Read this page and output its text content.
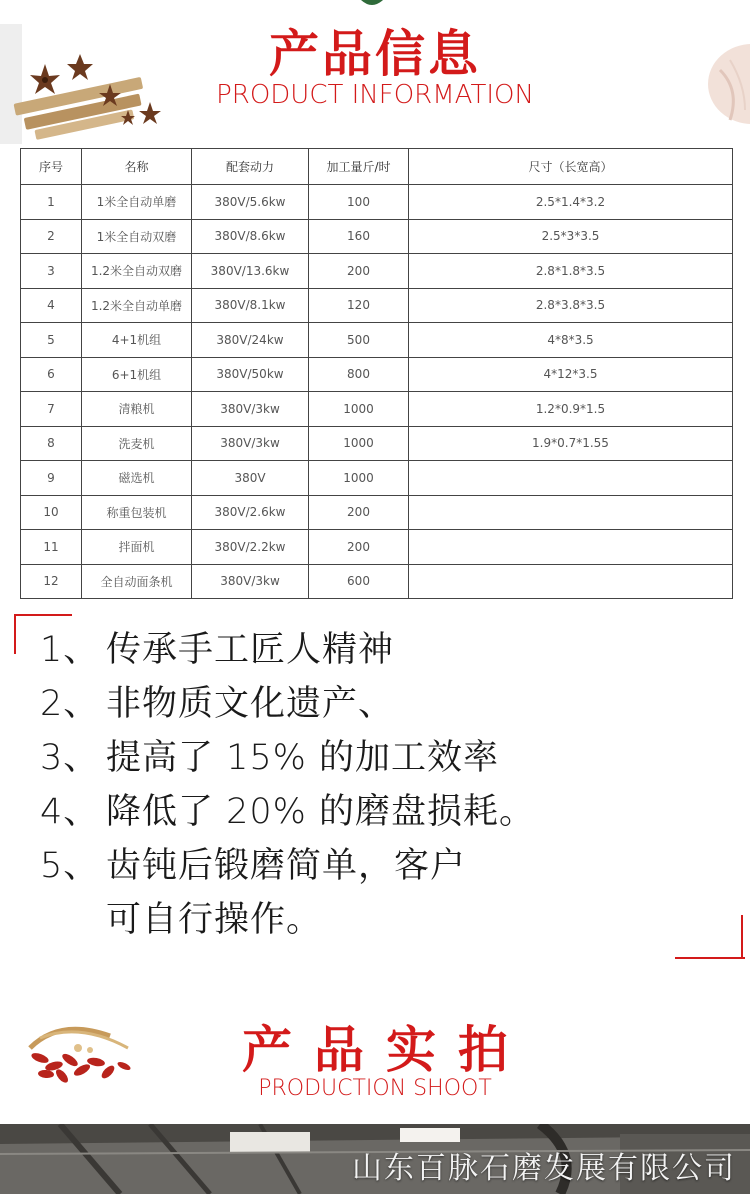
产品信息
PRODUCT INFORMATION
序号	名称	配套动力	加工量斤/时	尺寸（长宽高）
1	1米全自动单磨	380V/5.6kw	100	2.5*1.4*3.2
2	1米全自动双磨	380V/8.6kw	160	2.5*3*3.5
3	1.2米全自动双磨	380V/13.6kw	200	2.8*1.8*3.5
4	1.2米全自动单磨	380V/8.1kw	120	2.8*3.8*3.5
5	4+1机组	380V/24kw	500	4*8*3.5
6	6+1机组	380V/50kw	800	4*12*3.5
7	清粮机	380V/3kw	1000	1.2*0.9*1.5
8	洗麦机	380V/3kw	1000	1.9*0.7*1.55
9	磁选机	380V	1000	
10	称重包装机	380V/2.6kw	200	
11	拌面机	380V/2.2kw	200	
12	全自动面条机	380V/3kw	600	
1、 传承手工匠人精神
2、 非物质文化遗产、
3、 提高了 15% 的加工效率
4、 降低了 20% 的磨盘损耗。
5、 齿钝后锻磨简单，客户
可自行操作。
产品实拍
PRODUCTION SHOOT
山东百脉石磨发展有限公司
